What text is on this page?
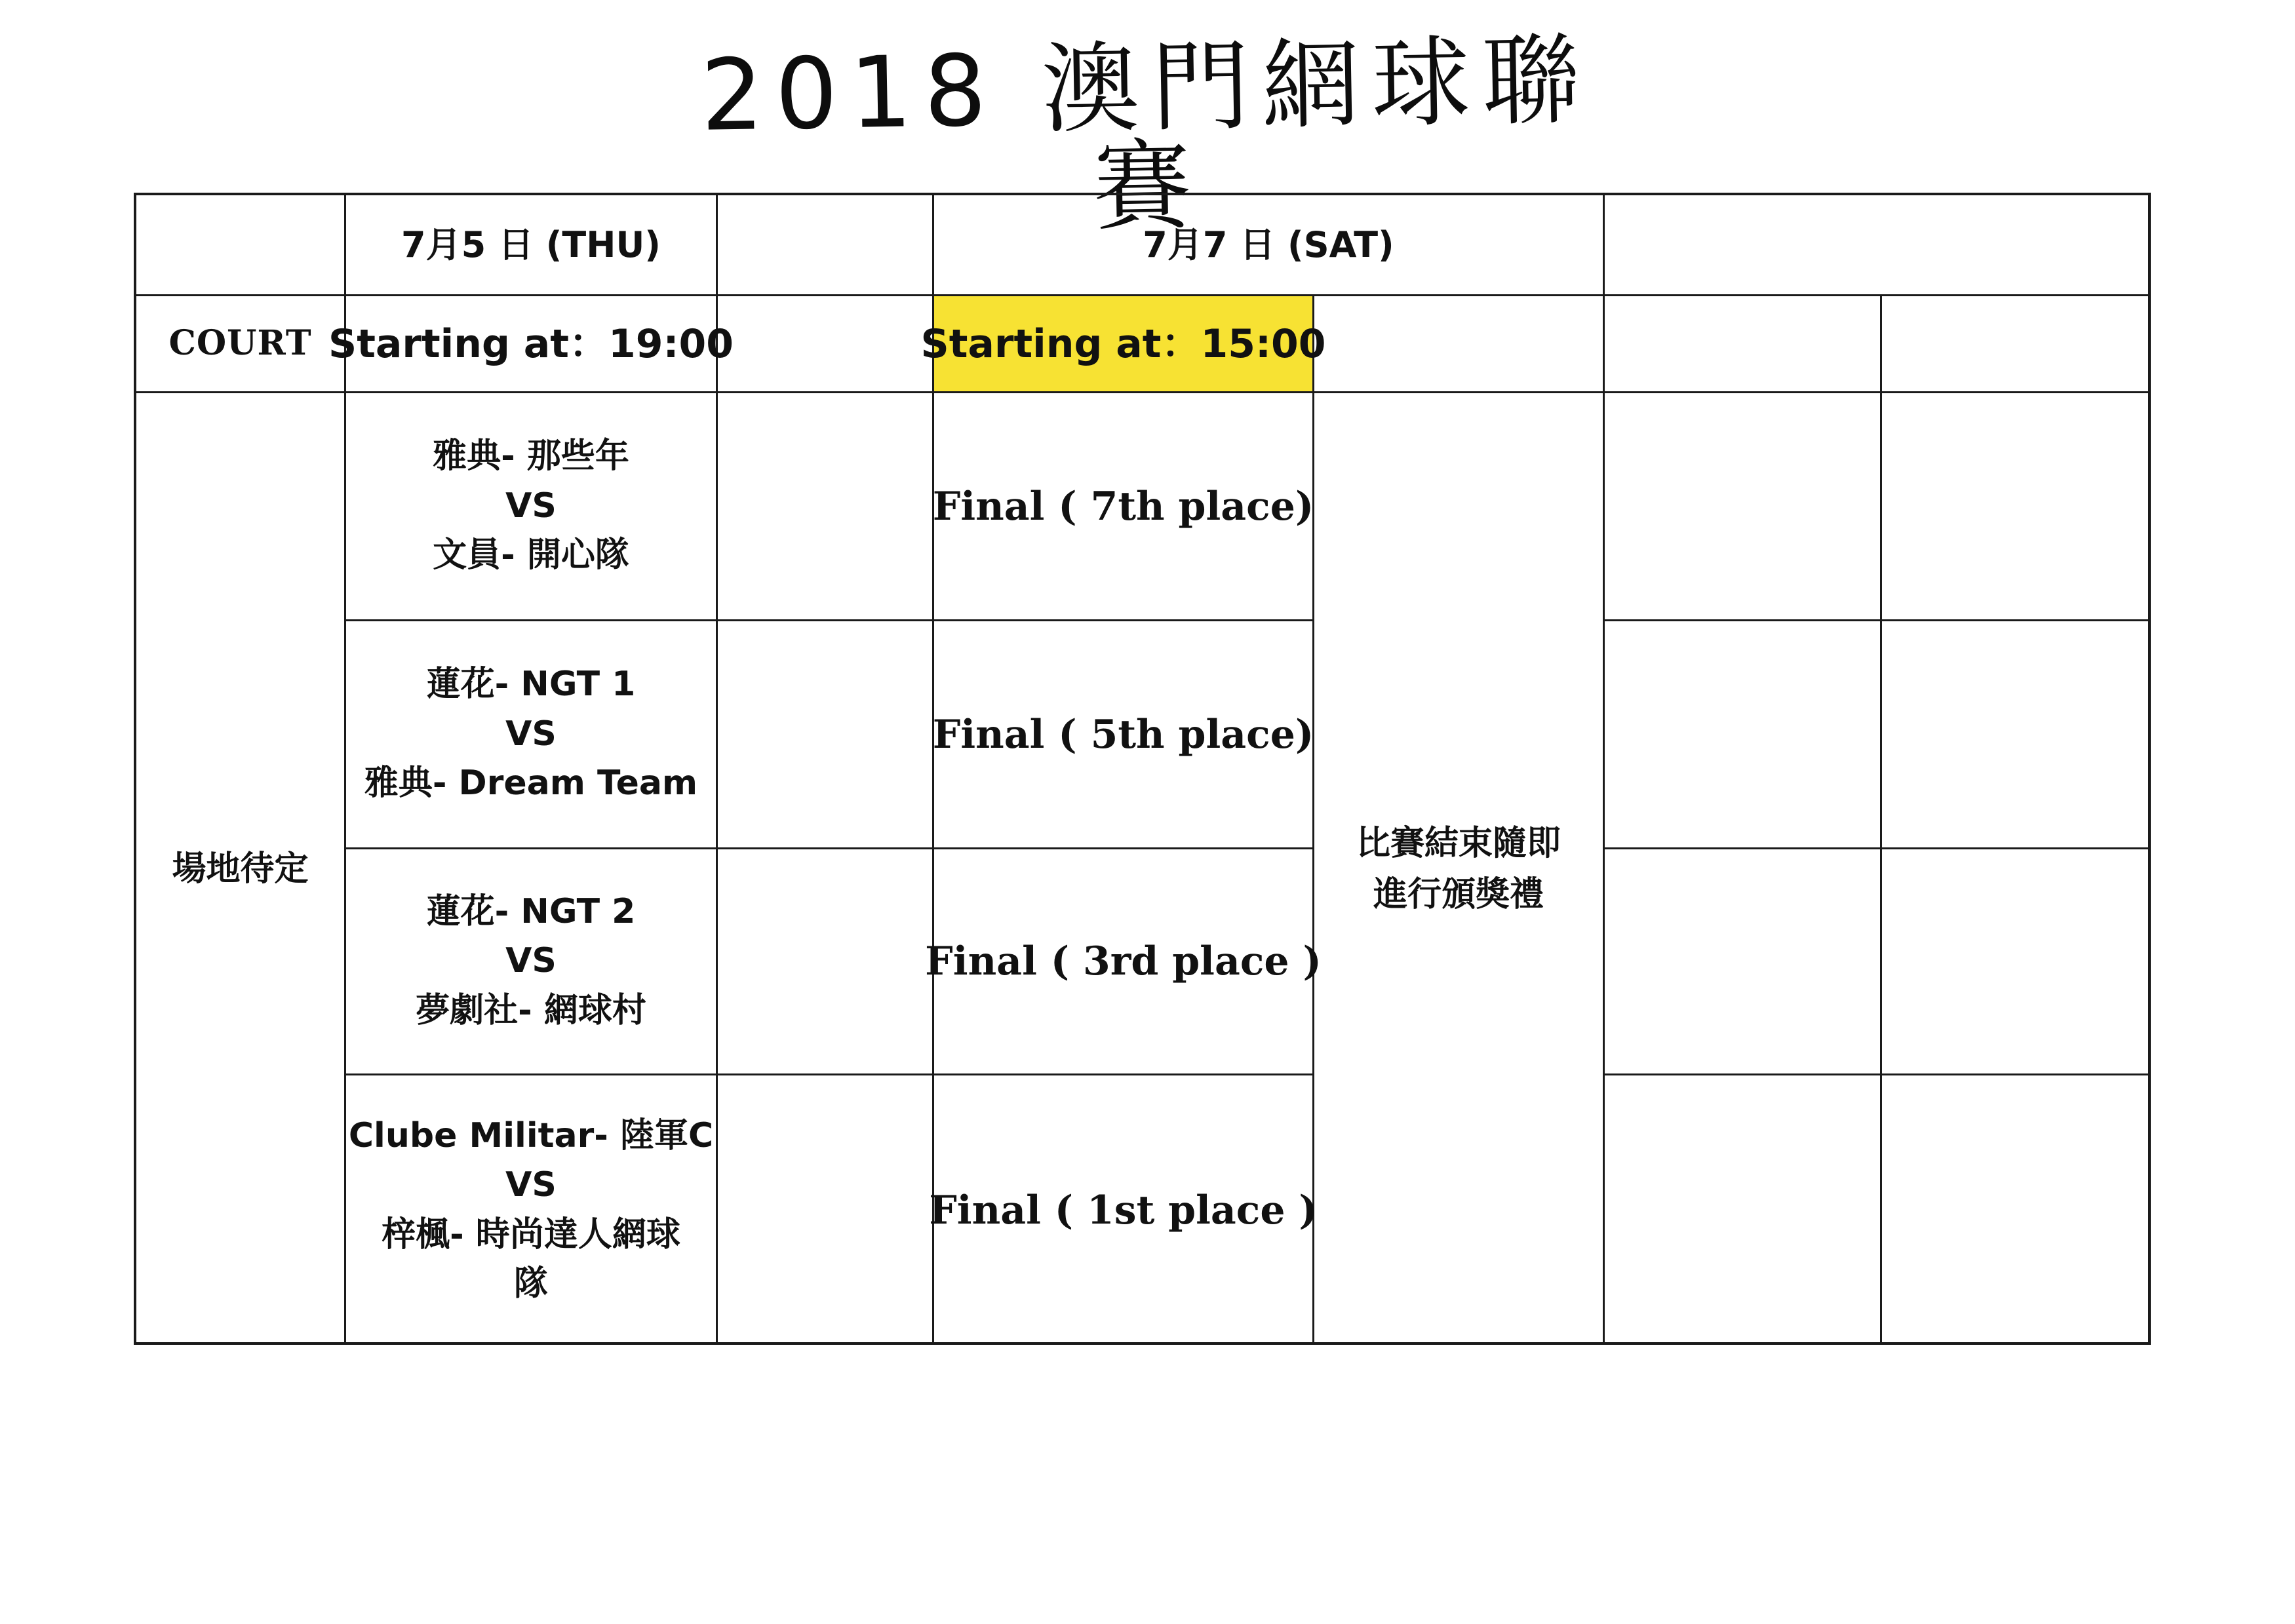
2018 澳門網球聯賽
7月5 日 (THU)	7月7 日 (SAT)
COURT Starting at：19:00	Starting at：15:00
場地待定
雅典- 那些年
VS
文員- 開心隊
蓮花- NGT 1
VS
雅典- Dream Team
蓮花- NGT 2
VS
夢劇社- 網球村
Clube Militar- 陸軍C
VS
梓楓- 時尚達人網球
隊
Final ( 7th place)
Final ( 5th place)
Final ( 3rd place )
Final ( 1st place )
比賽結束隨即
進行頒獎禮
